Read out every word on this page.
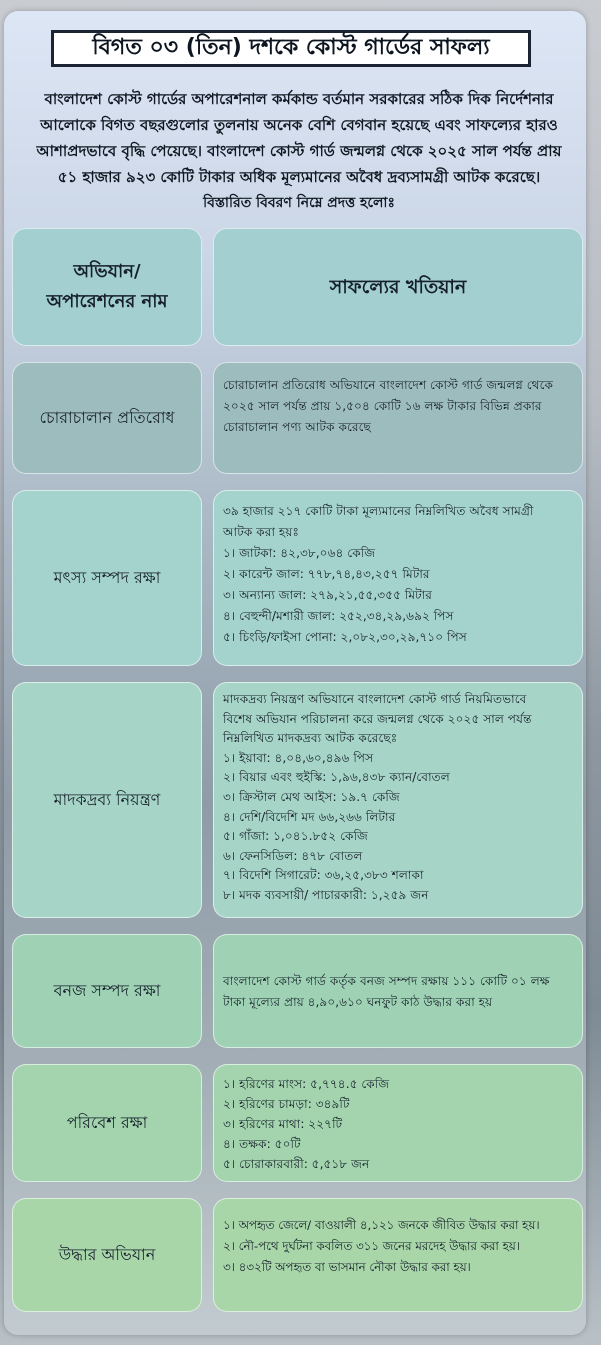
বিগত ০৩ (তিন) দশকে কোস্ট গার্ডের সাফল্য

বাংলাদেশ কোস্ট গার্ডের অপারেশনাল কর্মকান্ড বর্তমান সরকারের সঠিক দিক নির্দেশনার

আলোকে বিগত বছরগুলোর তুলনায় অনেক বেশি বেগবান হয়েছে এবং সাফল্যের হারও

আশাপ্রদভাবে বৃদ্ধি পেয়েছে। বাংলাদেশ কোস্ট গার্ড জন্মলগ্ন থেকে ২০২৫ সাল পর্যন্ত প্রায়

৫১ হাজার ৯২৩ কোটি টাকার অধিক মূল্যমানের অবৈধ দ্রব্যসামগ্রী আটক করেছে।

বিস্তারিত বিবরণ নিম্নে প্রদত্ত হলোঃ

অভিযান/
অপারেশনের নাম
সাফল্যের খতিয়ান
চোরাচালান প্রতিরোধ
চোরাচালান প্রতিরোধ অভিযানে বাংলাদেশ কোস্ট গার্ড জন্মলগ্ন থেকে
২০২৫ সাল পর্যন্ত প্রায় ১,৫০৪ কোটি ১৬ লক্ষ টাকার বিভিন্ন প্রকার
চোরাচালান পণ্য আটক করেছে
মৎস্য সম্পদ রক্ষা
৩৯ হাজার ২১৭ কোটি টাকা মূল্যমানের নিম্নলিখিত অবৈধ সামগ্রী
আটক করা হয়ঃ
১। জাটকা: ৪২,৩৮,০৬৪ কেজি
২। কারেন্ট জাল: ৭৭৮,৭৪,৪৩,২৫৭ মিটার
৩। অন্যান্য জাল: ২৭৯,২১,৫৫,৩৫৫ মিটার
৪। বেহুন্দী/মশারী জাল: ২৫২,৩৪,২৯,৬৯২ পিস
৫। চিংড়ি/ফাইসা পোনা: ২,০৮২,৩০,২৯,৭১০ পিস
মাদকদ্রব্য নিয়ন্ত্রণ
মাদকদ্রব্য নিয়ন্ত্রণ অভিযানে বাংলাদেশ কোস্ট গার্ড নিয়মিতভাবে
বিশেষ অভিযান পরিচালনা করে জন্মলগ্ন থেকে ২০২৫ সাল পর্যন্ত
নিম্নলিখিত মাদকদ্রব্য আটক করেছেঃ
১। ইয়াবা: ৪,০৪,৬০,৪৯৬ পিস
২। বিয়ার এবং হুইস্কি: ১,৯৬,৪৩৮ ক্যান/বোতল
৩। ক্রিস্টাল মেথ আইস: ১৯.৭ কেজি
৪। দেশি/বিদেশি মদ ৬৬,২৬৬ লিটার
৫। গাঁজা: ১,০৪১.৮৫২ কেজি
৬। ফেনসিডিল: ৪৭৮ বোতল
৭। বিদেশি সিগারেট: ৩৬,২৫,৩৮৩ শলাকা
৮। মদক ব্যবসায়ী/ পাচারকারী: ১,২৫৯ জন
বনজ সম্পদ রক্ষা	বাংলাদেশ কোস্ট গার্ড কর্তৃক বনজ সম্পদ রক্ষায় ১১১ কোটি ০১ লক্ষ
টাকা মূল্যের প্রায় ৪,৯০,৬১০ ঘনফুট কাঠ উদ্ধার করা হয়
পরিবেশ রক্ষা
১। হরিণের মাংস: ৫,৭৭৪.৫ কেজি
২। হরিণের চামড়া: ৩৪৯টি
৩। হরিণের মাথা: ২২৭টি
৪। তক্ষক: ৫০টি
৫। চোরাকারবারী: ৫,৫১৮ জন
উদ্ধার অভিযান
১। অপহৃত জেলে/ বাওয়ালী ৪,১২১ জনকে জীবিত উদ্ধার করা হয়।
২। নৌ-পথে দুর্ঘটনা কবলিত ৩১১ জনের মরদেহ উদ্ধার করা হয়।
৩। ৪৩২টি অপহৃত বা ভাসমান নৌকা উদ্ধার করা হয়।
